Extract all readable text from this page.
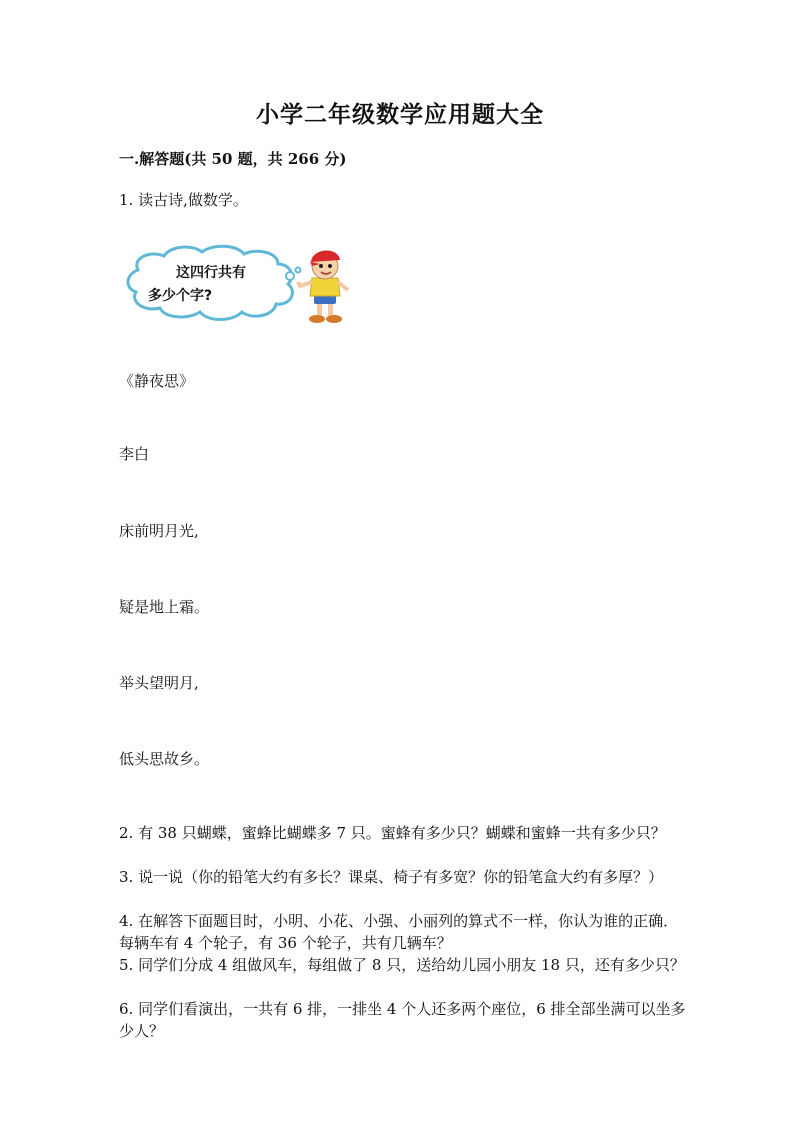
小学二年级数学应用题大全

一.解答题(共 50 题，共 266 分)

1. 读古诗,做数学。

这四行共有
多少个字?

《静夜思》

李白

床前明月光,

疑是地上霜。

举头望明月,

低头思故乡。

2. 有 38 只蝴蝶，蜜蜂比蝴蝶多 7 只。蜜蜂有多少只？蝴蝶和蜜蜂一共有多少只？

3. 说一说（你的铅笔大约有多长？课桌、椅子有多宽？你的铅笔盒大约有多厚？）

4. 在解答下面题目时，小明、小花、小强、小丽列的算式不一样，你认为谁的正确．每辆车有 4 个轮子，有 36 个轮子，共有几辆车？

5. 同学们分成 4 组做风车，每组做了 8 只，送给幼儿园小朋友 18 只，还有多少只？

6. 同学们看演出，一共有 6 排，一排坐 4 个人还多两个座位，6 排全部坐满可以坐多少人？
